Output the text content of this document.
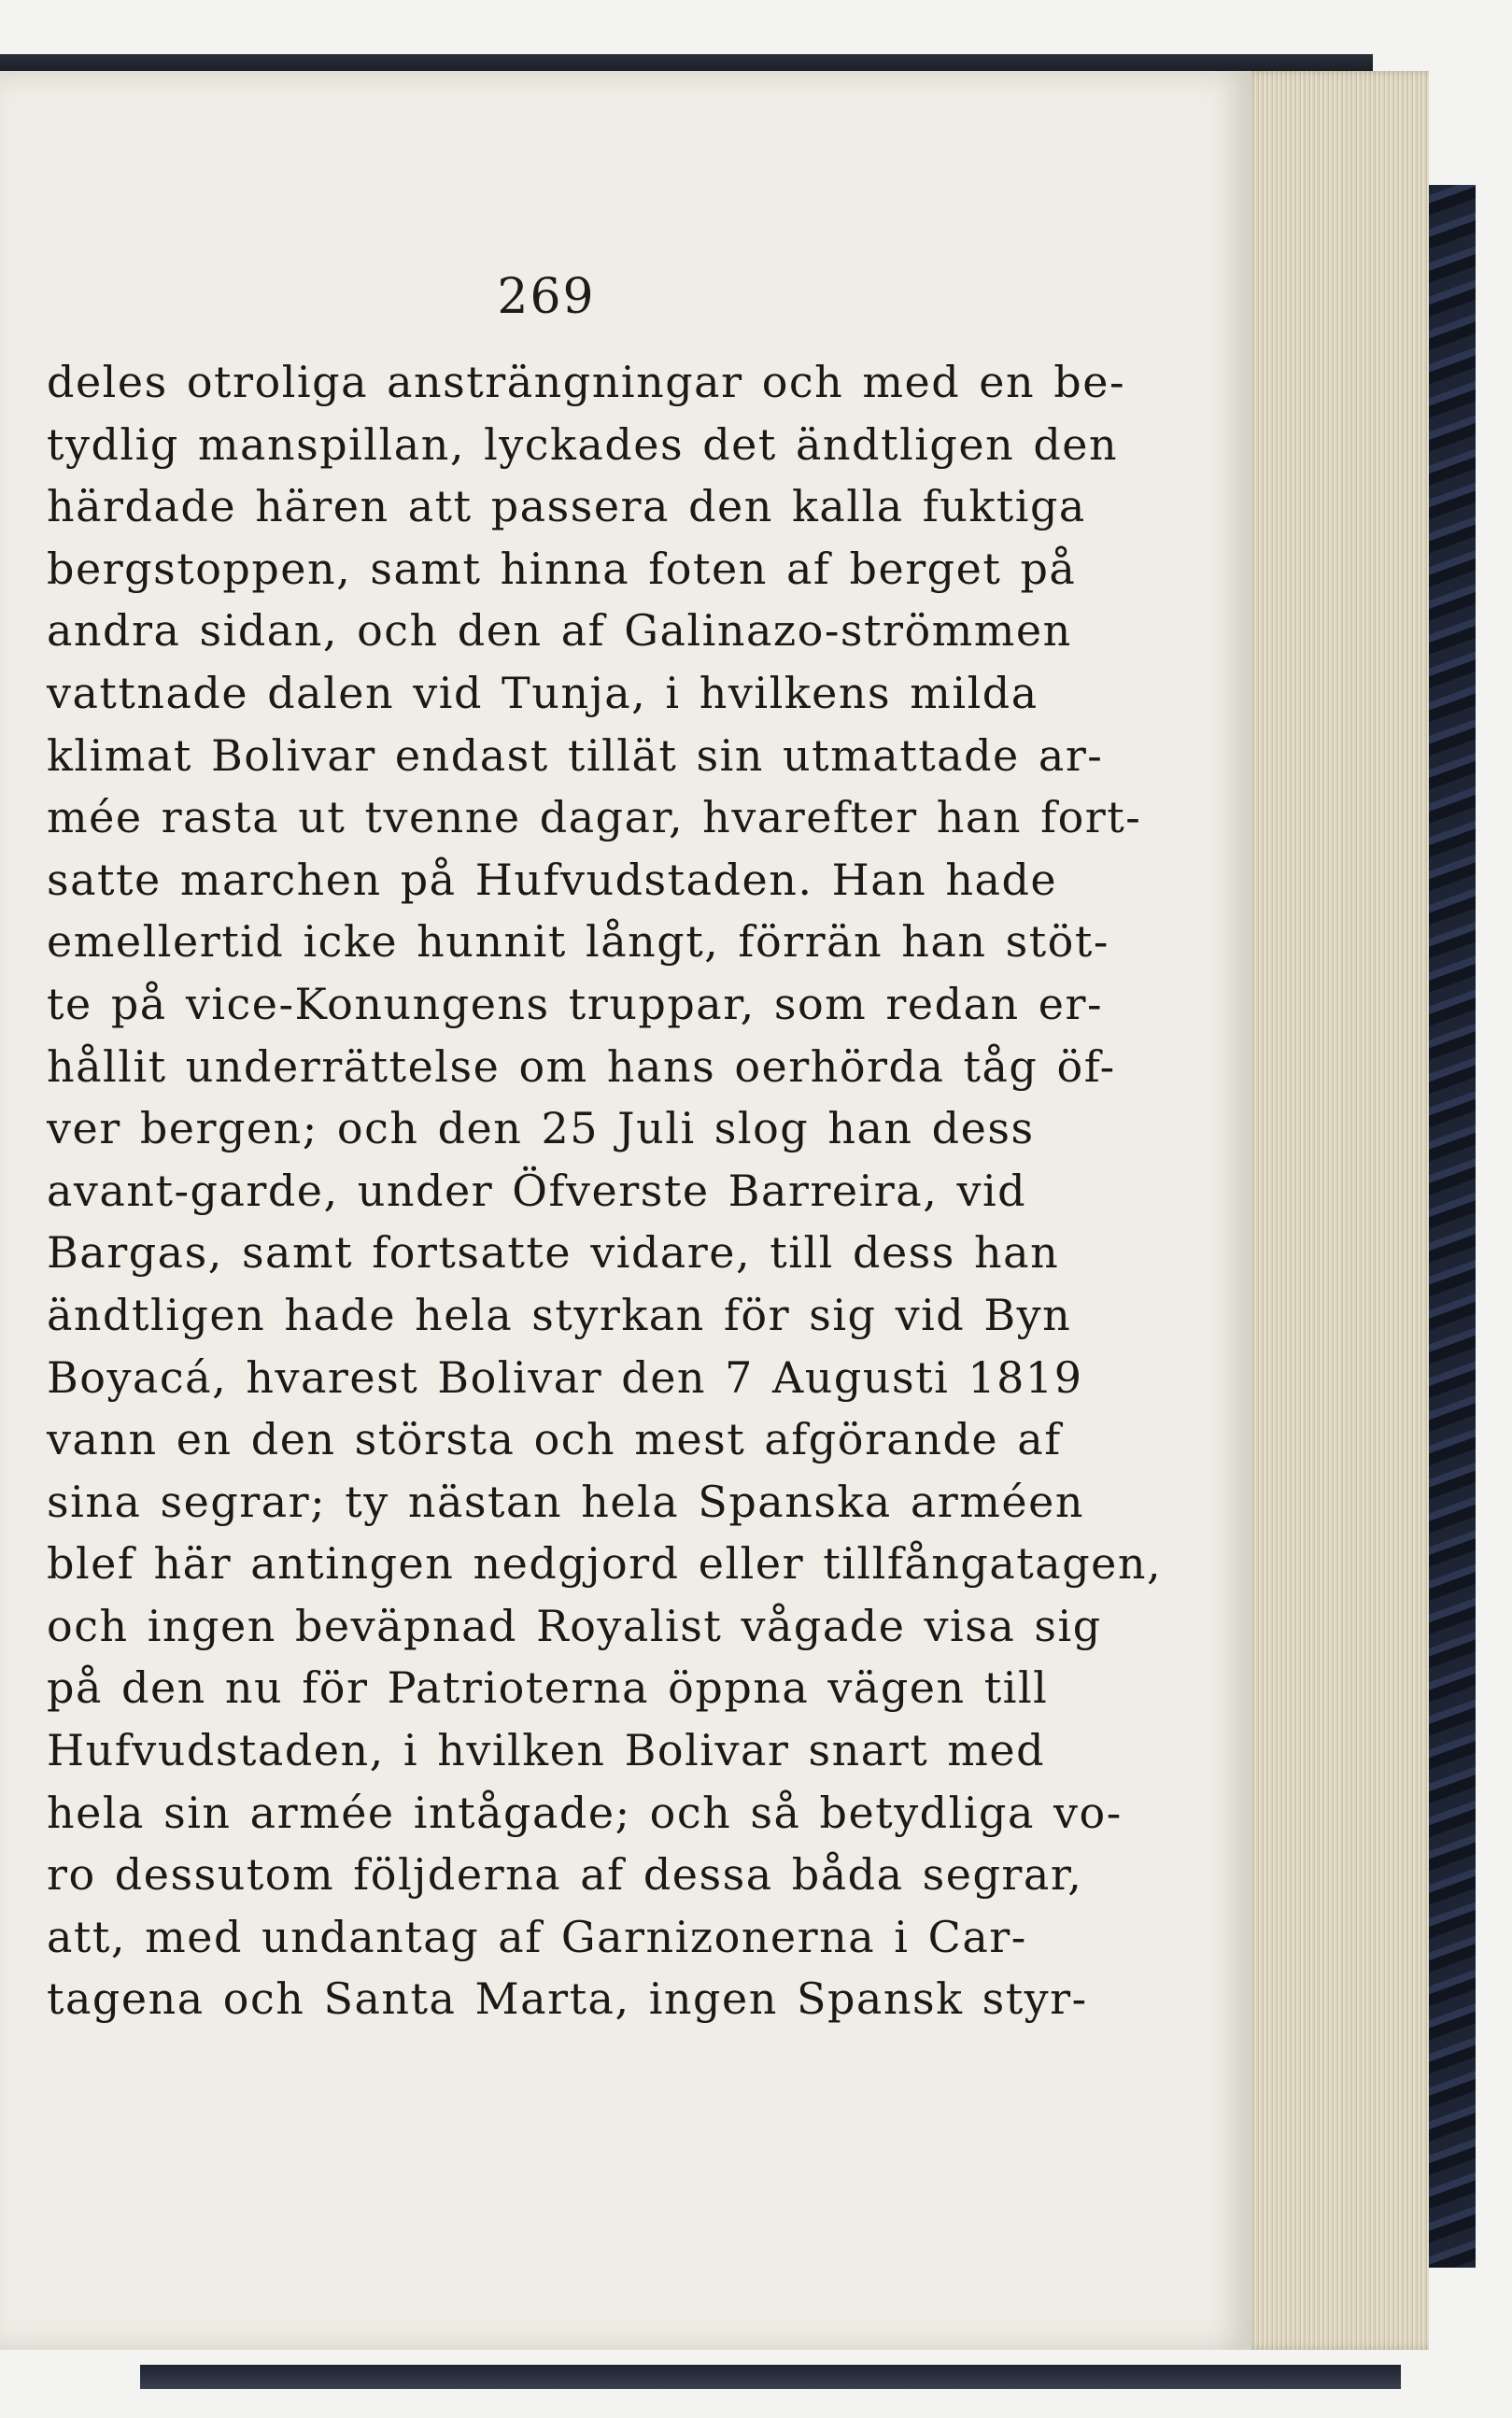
269
deles otroliga ansträngningar och med en be-
tydlig manspillan, lyckades det ändtligen den
härdade hären att passera den kalla fuktiga
bergstoppen, samt hinna foten af berget på
andra sidan, och den af Galinazo-strömmen
vattnade dalen vid Tunja, i hvilkens milda
klimat Bolivar endast tillät sin utmattade ar-
mée rasta ut tvenne dagar, hvarefter han fort-
satte marchen på Hufvudstaden. Han hade
emellertid icke hunnit långt, förrän han stöt-
te på vice-Konungens truppar, som redan er-
hållit underrättelse om hans oerhörda tåg öf-
ver bergen; och den 25 Juli slog han dess
avant-garde, under Öfverste Barreira, vid
Bargas, samt fortsatte vidare, till dess han
ändtligen hade hela styrkan för sig vid Byn
Boyacá, hvarest Bolivar den 7 Augusti 1819
vann en den största och mest afgörande af
sina segrar; ty nästan hela Spanska arméen
blef här antingen nedgjord eller tillfångatagen,
och ingen beväpnad Royalist vågade visa sig
på den nu för Patrioterna öppna vägen till
Hufvudstaden, i hvilken Bolivar snart med
hela sin armée intågade; och så betydliga vo-
ro dessutom följderna af dessa båda segrar,
att, med undantag af Garnizonerna i Car-
tagena och Santa Marta, ingen Spansk styr-
